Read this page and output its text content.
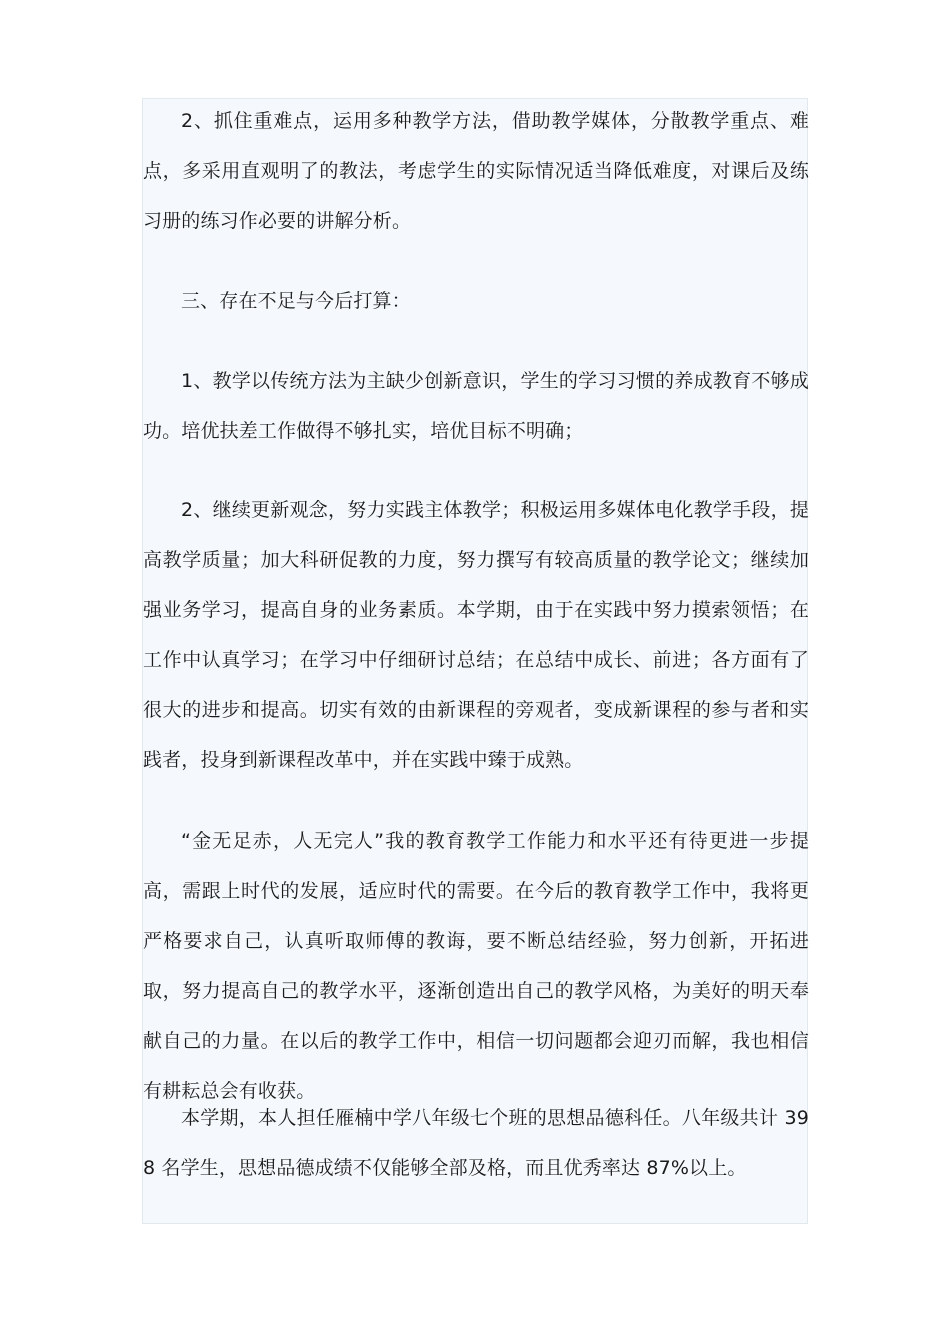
2、抓住重难点，运用多种教学方法，借助教学媒体，分散教学重点、难点，多采用直观明了的教法，考虑学生的实际情况适当降低难度，对课后及练习册的练习作必要的讲解分析。

三、存在不足与今后打算：

1、教学以传统方法为主缺少创新意识，学生的学习习惯的养成教育不够成功。培优扶差工作做得不够扎实，培优目标不明确；

2、继续更新观念，努力实践主体教学；积极运用多媒体电化教学手段，提高教学质量；加大科研促教的力度，努力撰写有较高质量的教学论文；继续加强业务学习，提高自身的业务素质。本学期，由于在实践中努力摸索领悟；在工作中认真学习；在学习中仔细研讨总结；在总结中成长、前进；各方面有了很大的进步和提高。切实有效的由新课程的旁观者，变成新课程的参与者和实践者，投身到新课程改革中，并在实践中臻于成熟。

“金无足赤，人无完人”我的教育教学工作能力和水平还有待更进一步提高，需跟上时代的发展，适应时代的需要。在今后的教育教学工作中，我将更严格要求自己，认真听取师傅的教诲，要不断总结经验，努力创新，开拓进取，努力提高自己的教学水平，逐渐创造出自己的教学风格，为美好的明天奉献自己的力量。在以后的教学工作中，相信一切问题都会迎刃而解，我也相信有耕耘总会有收获。

本学期，本人担任雁楠中学八年级七个班的思想品德科任。八年级共计 398 名学生，思想品德成绩不仅能够全部及格，而且优秀率达 87%以上。
